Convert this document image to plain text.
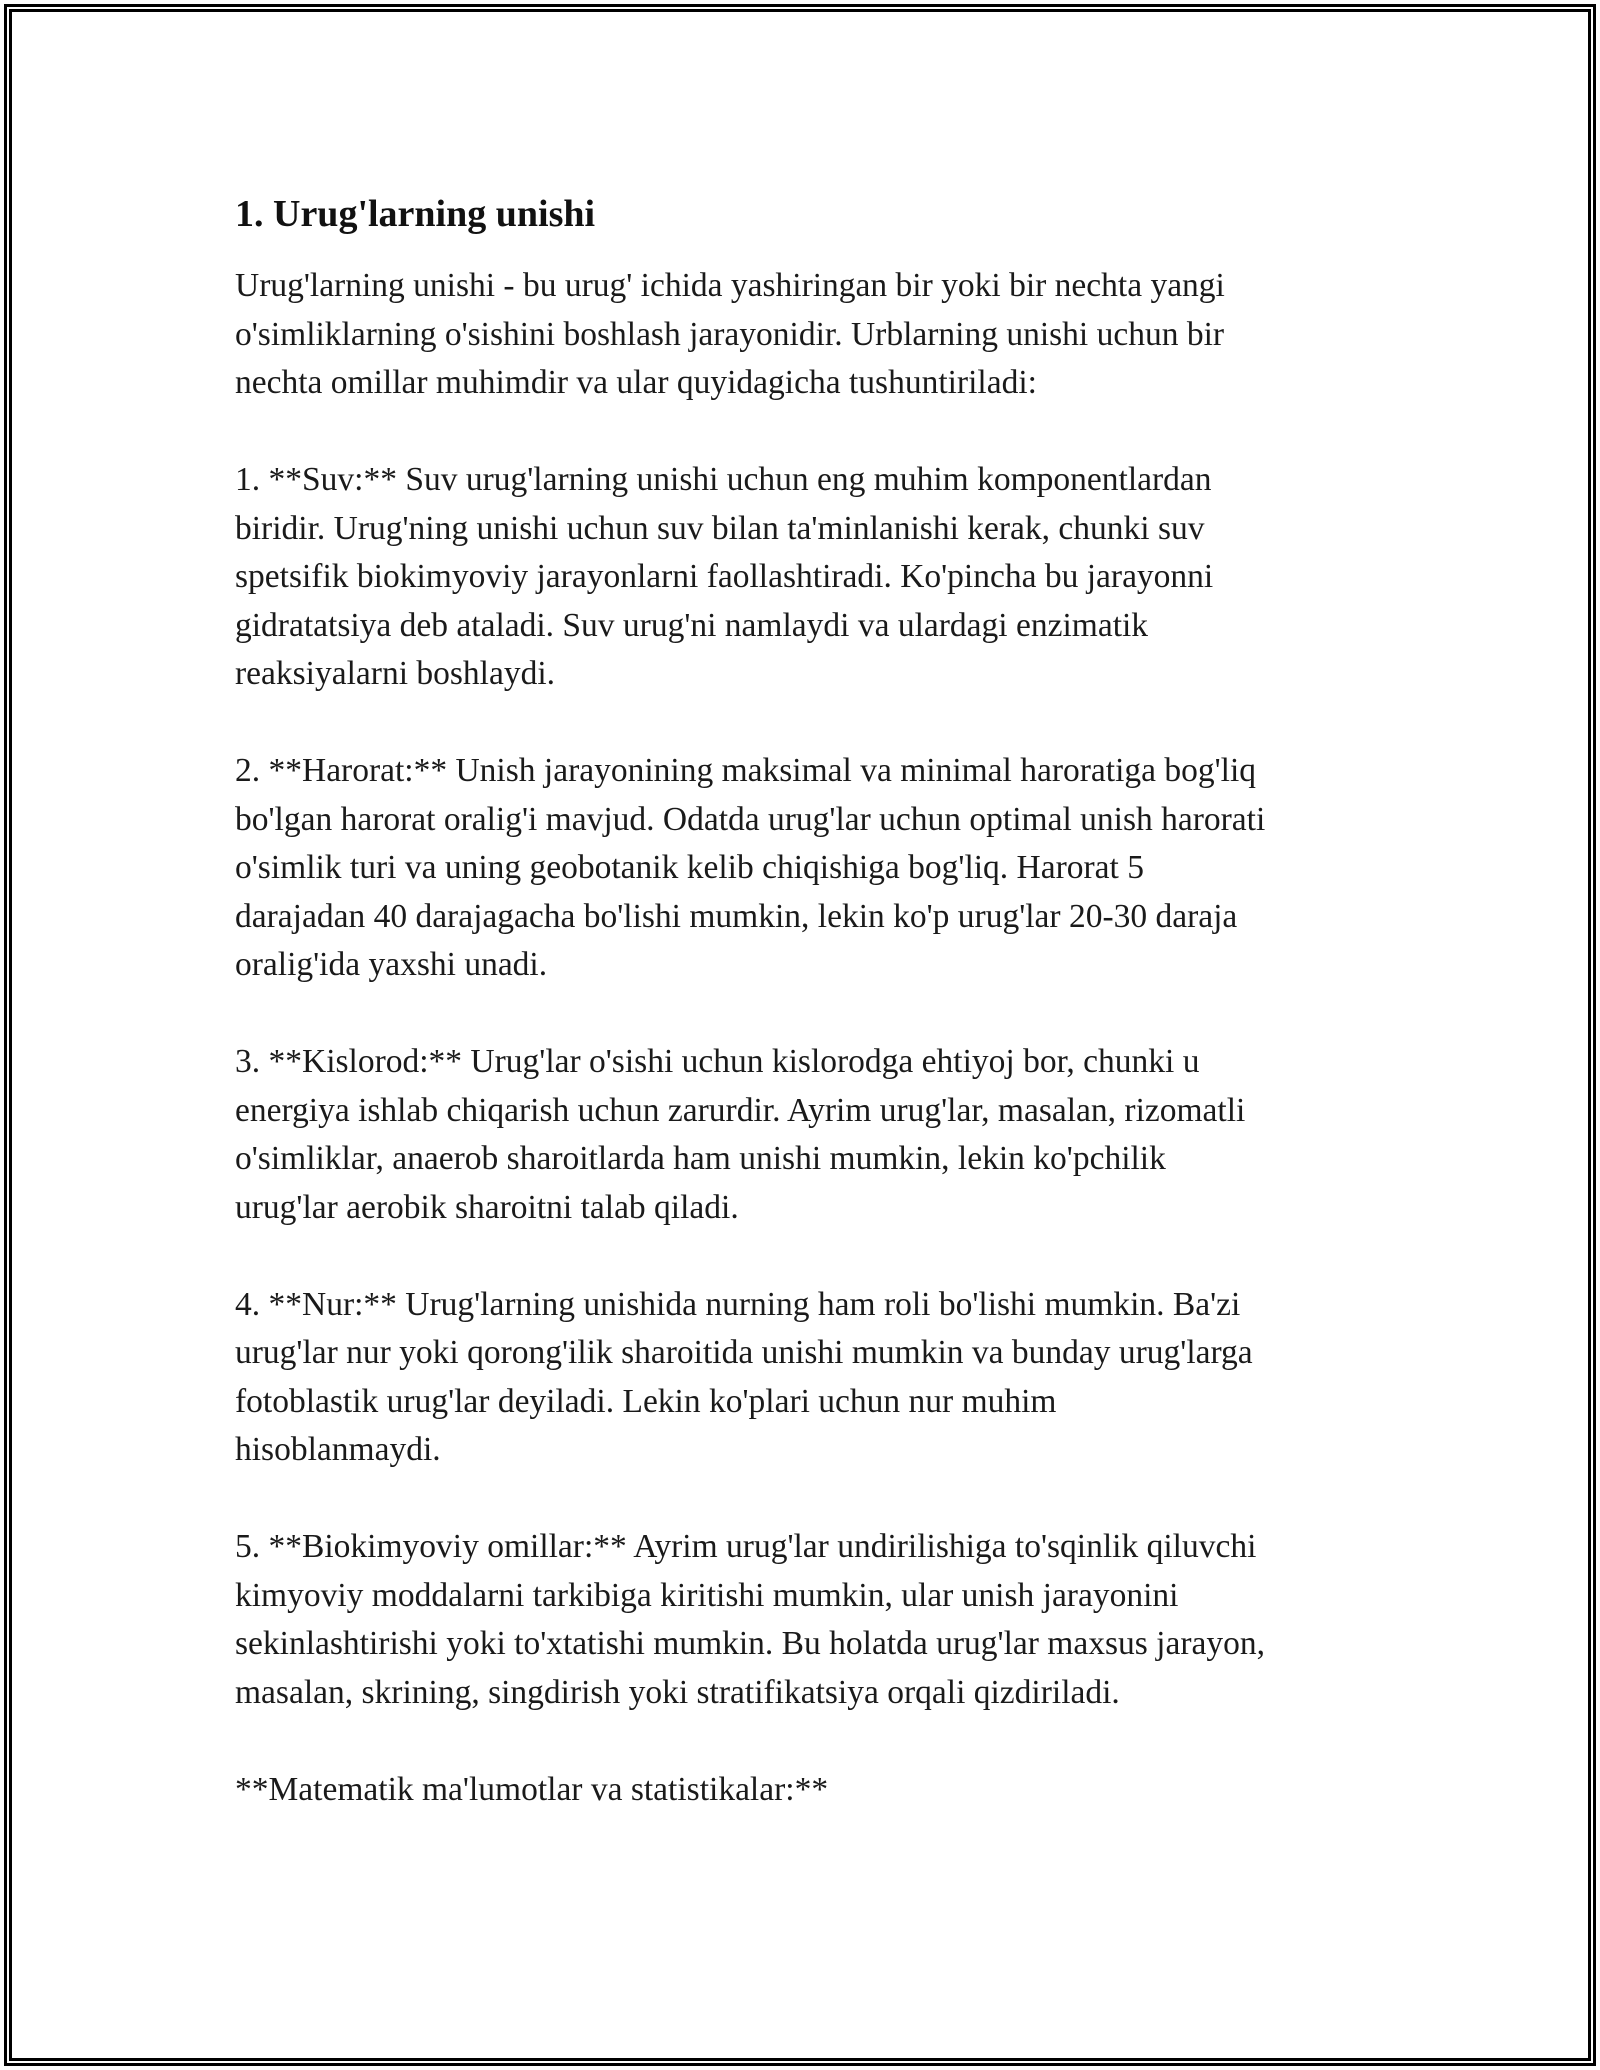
1. Urug'larning unishi

Urug'larning unishi - bu urug' ichida yashiringan bir yoki bir nechta yangi
o'simliklarning o'sishini boshlash jarayonidir. Urblarning unishi uchun bir
nechta omillar muhimdir va ular quyidagicha tushuntiriladi:

1. **Suv:** Suv urug'larning unishi uchun eng muhim komponentlardan
biridir. Urug'ning unishi uchun suv bilan ta'minlanishi kerak, chunki suv
spetsifik biokimyoviy jarayonlarni faollashtiradi. Ko'pincha bu jarayonni
gidratatsiya deb ataladi. Suv urug'ni namlaydi va ulardagi enzimatik
reaksiyalarni boshlaydi.

2. **Harorat:** Unish jarayonining maksimal va minimal haroratiga bog'liq
bo'lgan harorat oralig'i mavjud. Odatda urug'lar uchun optimal unish harorati
o'simlik turi va uning geobotanik kelib chiqishiga bog'liq. Harorat 5
darajadan 40 darajagacha bo'lishi mumkin, lekin ko'p urug'lar 20-30 daraja
oralig'ida yaxshi unadi.

3. **Kislorod:** Urug'lar o'sishi uchun kislorodga ehtiyoj bor, chunki u
energiya ishlab chiqarish uchun zarurdir. Ayrim urug'lar, masalan, rizomatli
o'simliklar, anaerob sharoitlarda ham unishi mumkin, lekin ko'pchilik
urug'lar aerobik sharoitni talab qiladi.

4. **Nur:** Urug'larning unishida nurning ham roli bo'lishi mumkin. Ba'zi
urug'lar nur yoki qorong'ilik sharoitida unishi mumkin va bunday urug'larga
fotoblastik urug'lar deyiladi. Lekin ko'plari uchun nur muhim
hisoblanmaydi.

5. **Biokimyoviy omillar:** Ayrim urug'lar undirilishiga to'sqinlik qiluvchi
kimyoviy moddalarni tarkibiga kiritishi mumkin, ular unish jarayonini
sekinlashtirishi yoki to'xtatishi mumkin. Bu holatda urug'lar maxsus jarayon,
masalan, skrining, singdirish yoki stratifikatsiya orqali qizdiriladi.

**Matematik ma'lumotlar va statistikalar:**
